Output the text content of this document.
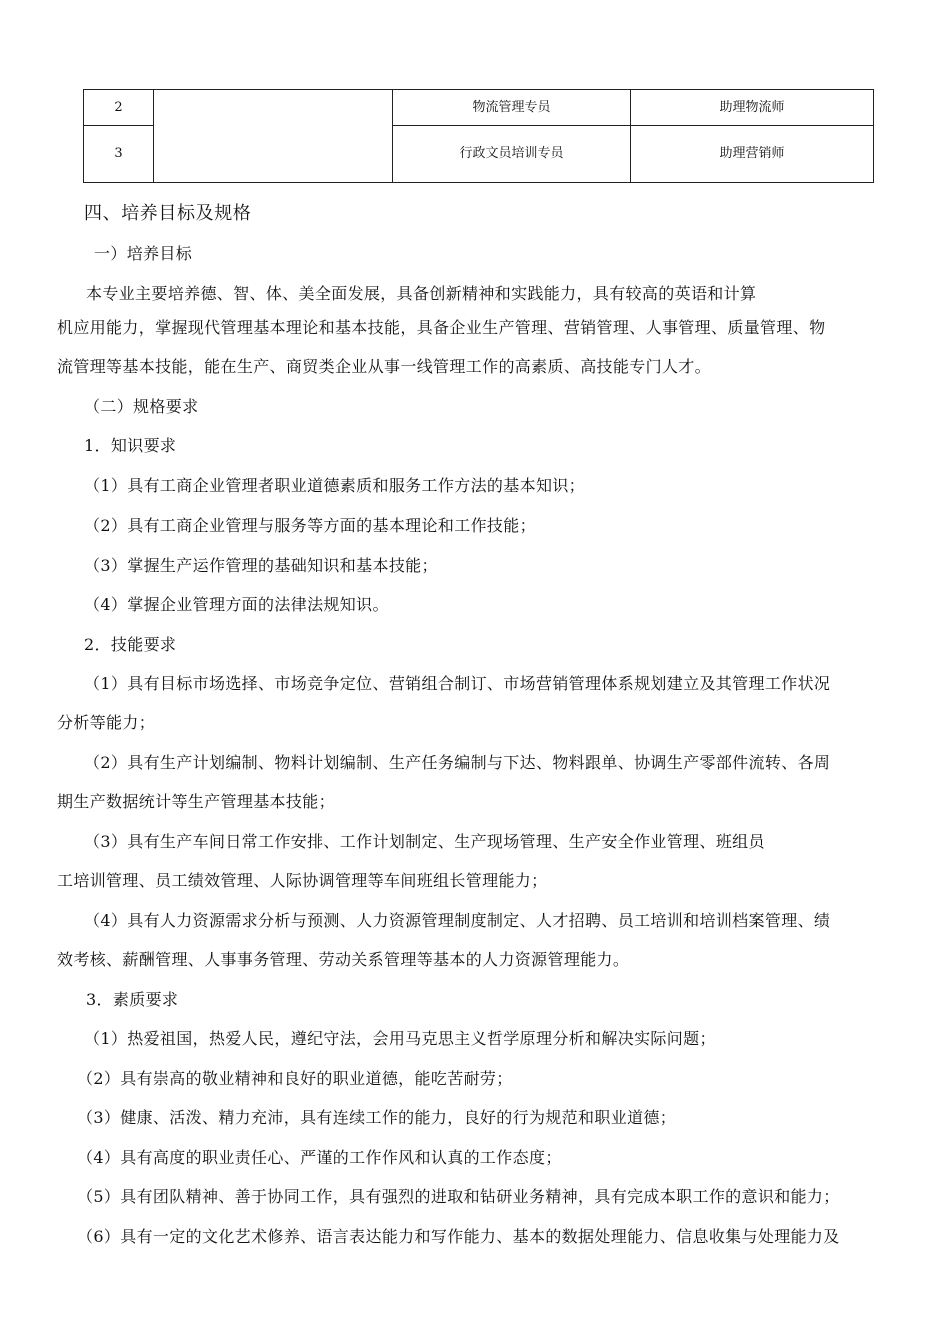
2		物流管理专员	助理物流师
3		行政文员培训专员	助理营销师
四、培养目标及规格
一）培养目标
本专业主要培养德、智、体、美全面发展，具备创新精神和实践能力，具有较高的英语和计算
机应用能力，掌握现代管理基本理论和基本技能，具备企业生产管理、营销管理、人事管理、质量管理、物
流管理等基本技能，能在生产、商贸类企业从事一线管理工作的高素质、高技能专门人才。
（二）规格要求
1．知识要求
（1）具有工商企业管理者职业道德素质和服务工作方法的基本知识；
（2）具有工商企业管理与服务等方面的基本理论和工作技能；
（3）掌握生产运作管理的基础知识和基本技能；
（4）掌握企业管理方面的法律法规知识。
2．技能要求
（1）具有目标市场选择、市场竞争定位、营销组合制订、市场营销管理体系规划建立及其管理工作状况
分析等能力；
（2）具有生产计划编制、物料计划编制、生产任务编制与下达、物料跟单、协调生产零部件流转、各周
期生产数据统计等生产管理基本技能；
（3）具有生产车间日常工作安排、工作计划制定、生产现场管理、生产安全作业管理、班组员
工培训管理、员工绩效管理、人际协调管理等车间班组长管理能力；
（4）具有人力资源需求分析与预测、人力资源管理制度制定、人才招聘、员工培训和培训档案管理、绩
效考核、薪酬管理、人事事务管理、劳动关系管理等基本的人力资源管理能力。
3．素质要求
（1）热爱祖国，热爱人民，遵纪守法，会用马克思主义哲学原理分析和解决实际问题；
（2）具有崇高的敬业精神和良好的职业道德，能吃苦耐劳；
（3）健康、活泼、精力充沛，具有连续工作的能力，良好的行为规范和职业道德；
（4）具有高度的职业责任心、严谨的工作作风和认真的工作态度；
（5）具有团队精神、善于协同工作，具有强烈的进取和钻研业务精神，具有完成本职工作的意识和能力；
（6）具有一定的文化艺术修养、语言表达能力和写作能力、基本的数据处理能力、信息收集与处理能力及
